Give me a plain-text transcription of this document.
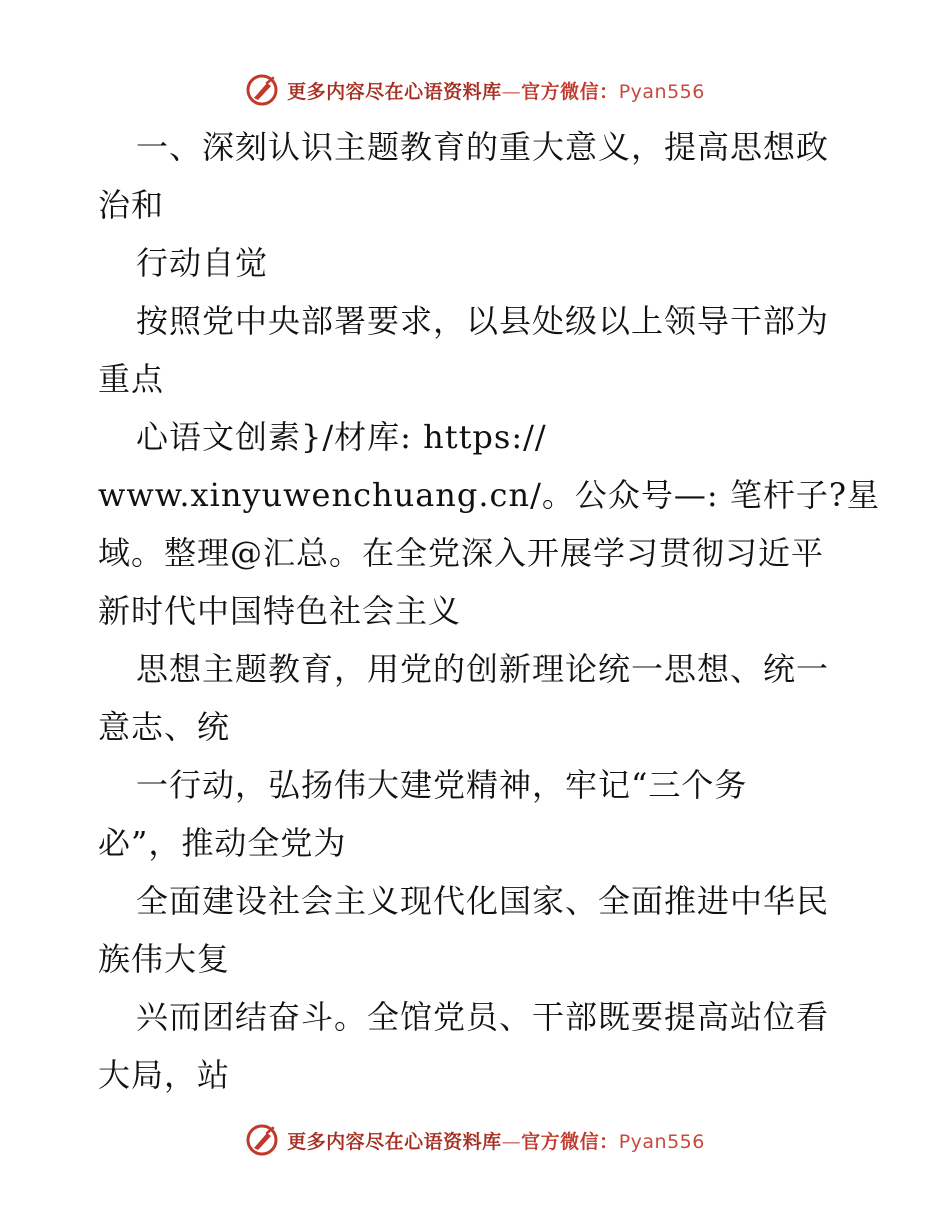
更多内容尽在心语资料库—官方微信：Pyan556
一、深刻认识主题教育的重大意义，提高思想政
治和
行动自觉
按照党中央部署要求，以县处级以上领导干部为
重点
心语文创素}/材库: https://
www.xinyuwenchuang.cn/。公众号—: 笔杆子?星
域。整理@汇总。在全党深入开展学习贯彻习近平
新时代中国特色社会主义
思想主题教育，用党的创新理论统一思想、统一
意志、统
一行动，弘扬伟大建党精神，牢记“三个务
必”，推动全党为
全面建设社会主义现代化国家、全面推进中华民
族伟大复
兴而团结奋斗。全馆党员、干部既要提高站位看
大局，站
更多内容尽在心语资料库—官方微信：Pyan556
